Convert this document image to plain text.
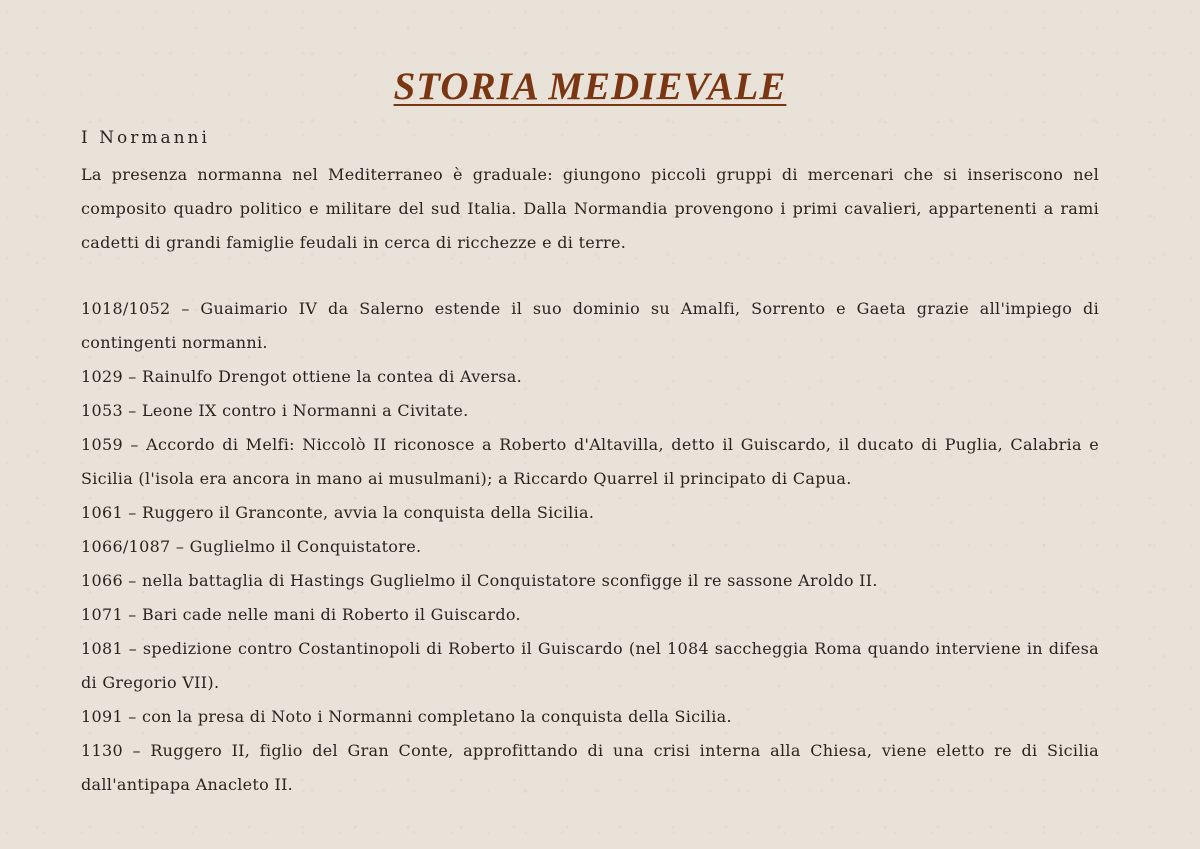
STORIA MEDIEVALE
I Normanni

La presenza normanna nel Mediterraneo è graduale: giungono piccoli gruppi di mercenari che si inseriscono nel composito quadro politico e militare del sud Italia. Dalla Normandia provengono i primi cavalieri, appartenenti a rami cadetti di grandi famiglie feudali in cerca di ricchezze e di terre.

1018/1052 – Guaimario IV da Salerno estende il suo dominio su Amalfi, Sorrento e Gaeta grazie all'impiego di contingenti normanni.
1029 – Rainulfo Drengot ottiene la contea di Aversa.
1053 – Leone IX contro i Normanni a Civitate.
1059 – Accordo di Melfi: Niccolò II riconosce a Roberto d'Altavilla, detto il Guiscardo, il ducato di Puglia, Calabria e Sicilia (l'isola era ancora in mano ai musulmani); a Riccardo Quarrel il principato di Capua.
1061 – Ruggero il Granconte, avvia la conquista della Sicilia.
1066/1087 – Guglielmo il Conquistatore.
1066 – nella battaglia di Hastings Guglielmo il Conquistatore sconfigge il re sassone Aroldo II.
1071 – Bari cade nelle mani di Roberto il Guiscardo.
1081 – spedizione contro Costantinopoli di Roberto il Guiscardo (nel 1084 saccheggia Roma quando interviene in difesa di Gregorio VII).
1091 – con la presa di Noto i Normanni completano la conquista della Sicilia.
1130 – Ruggero II, figlio del Gran Conte, approfittando di una crisi interna alla Chiesa, viene eletto re di Sicilia dall'antipapa Anacleto II.
